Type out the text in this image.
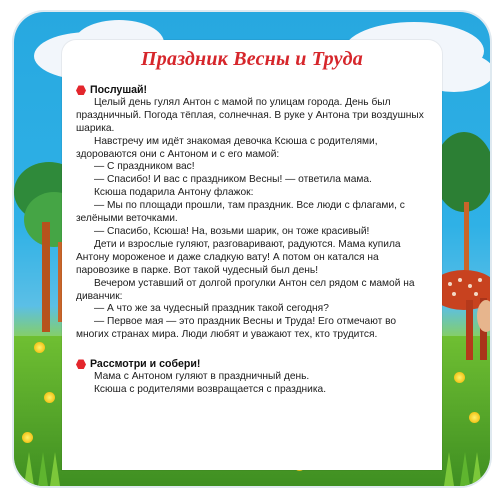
Праздник Весны и Труда
Послушай!

Целый день гулял Антон с мамой по улицам города. День был праздничный. Погода тёплая, солнечная. В руке у Антона три воздушных шарика.

Навстречу им идёт знакомая девочка Ксюша с родителями, здороваются они с Антоном и с его мамой:

— С праздником вас!

— Спасибо! И вас с праздником Весны! — ответила мама.

Ксюша подарила Антону флажок:

— Мы по площади прошли, там праздник. Все люди с флагами, с зелёными веточками.

— Спасибо, Ксюша! На, возьми шарик, он тоже красивый!

Дети и взрослые гуляют, разговаривают, радуются. Мама купила Антону мороженое и даже сладкую вату! А потом он катался на паровозике в парке. Вот такой чудесный был день!

Вечером уставший от долгой прогулки Антон сел рядом с мамой на диванчик:

— А что же за чудесный праздник такой сегодня?

— Первое мая — это праздник Весны и Труда! Его отмечают во многих странах мира. Люди любят и уважают тех, кто трудится.

Рассмотри и собери!

Мама с Антоном гуляют в праздничный день.

Ксюша с родителями возвращается с праздника.
